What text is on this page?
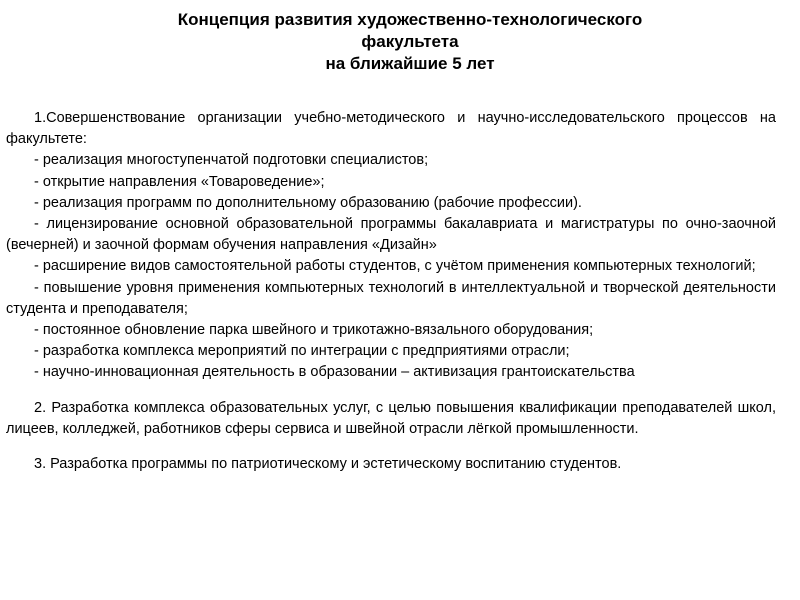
Концепция развития художественно-технологического
факультета
на ближайшие 5 лет

1.Совершенствование организации учебно-методического и научно-исследовательского процессов на факультете:

- реализация многоступенчатой подготовки специалистов;

- открытие направления «Товароведение»;

- реализация программ по дополнительному образованию (рабочие профессии).

- лицензирование основной образовательной программы бакалавриата и магистратуры по очно-заочной (вечерней) и заочной формам обучения направления «Дизайн»

- расширение видов самостоятельной работы студентов, с учётом применения компьютерных технологий;

- повышение уровня применения компьютерных технологий в интеллектуальной и творческой деятельности студента и преподавателя;

- постоянное обновление парка швейного и трикотажно-вязального оборудования;

- разработка комплекса мероприятий по интеграции с предприятиями отрасли;

- научно-инновационная деятельность в образовании – активизация грантоискательства

2. Разработка комплекса образовательных услуг, с целью повышения квалификации преподавателей школ, лицеев, колледжей, работников сферы сервиса и швейной отрасли лёгкой промышленности.

3. Разработка программы по патриотическому и эстетическому воспитанию студентов.
